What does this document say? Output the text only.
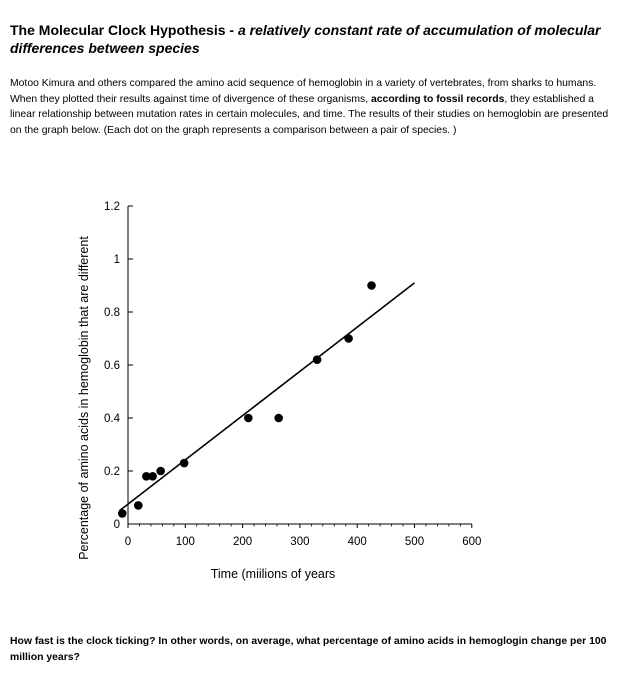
The Molecular Clock Hypothesis - a relatively constant rate of accumulation of molecular differences between species
Motoo Kimura and others compared the amino acid sequence of hemoglobin in a variety of vertebrates, from sharks to humans. When they plotted their results against time of divergence of these organisms, according to fossil records, they established a linear relationship between mutation rates in certain molecules, and time. The results of their studies on hemoglobin are presented on the graph below. (Each dot on the graph represents a comparison between a pair of species. )
0
0.2
0.4
0.6
0.8
1
1.2
0	100	200	300	400	500	600
Time (miilions of years
Percentage of amino acids in hemoglobin that are different
How fast is the clock ticking? In other words, on average, what percentage of amino acids in hemoglogin change per 100 million years?
